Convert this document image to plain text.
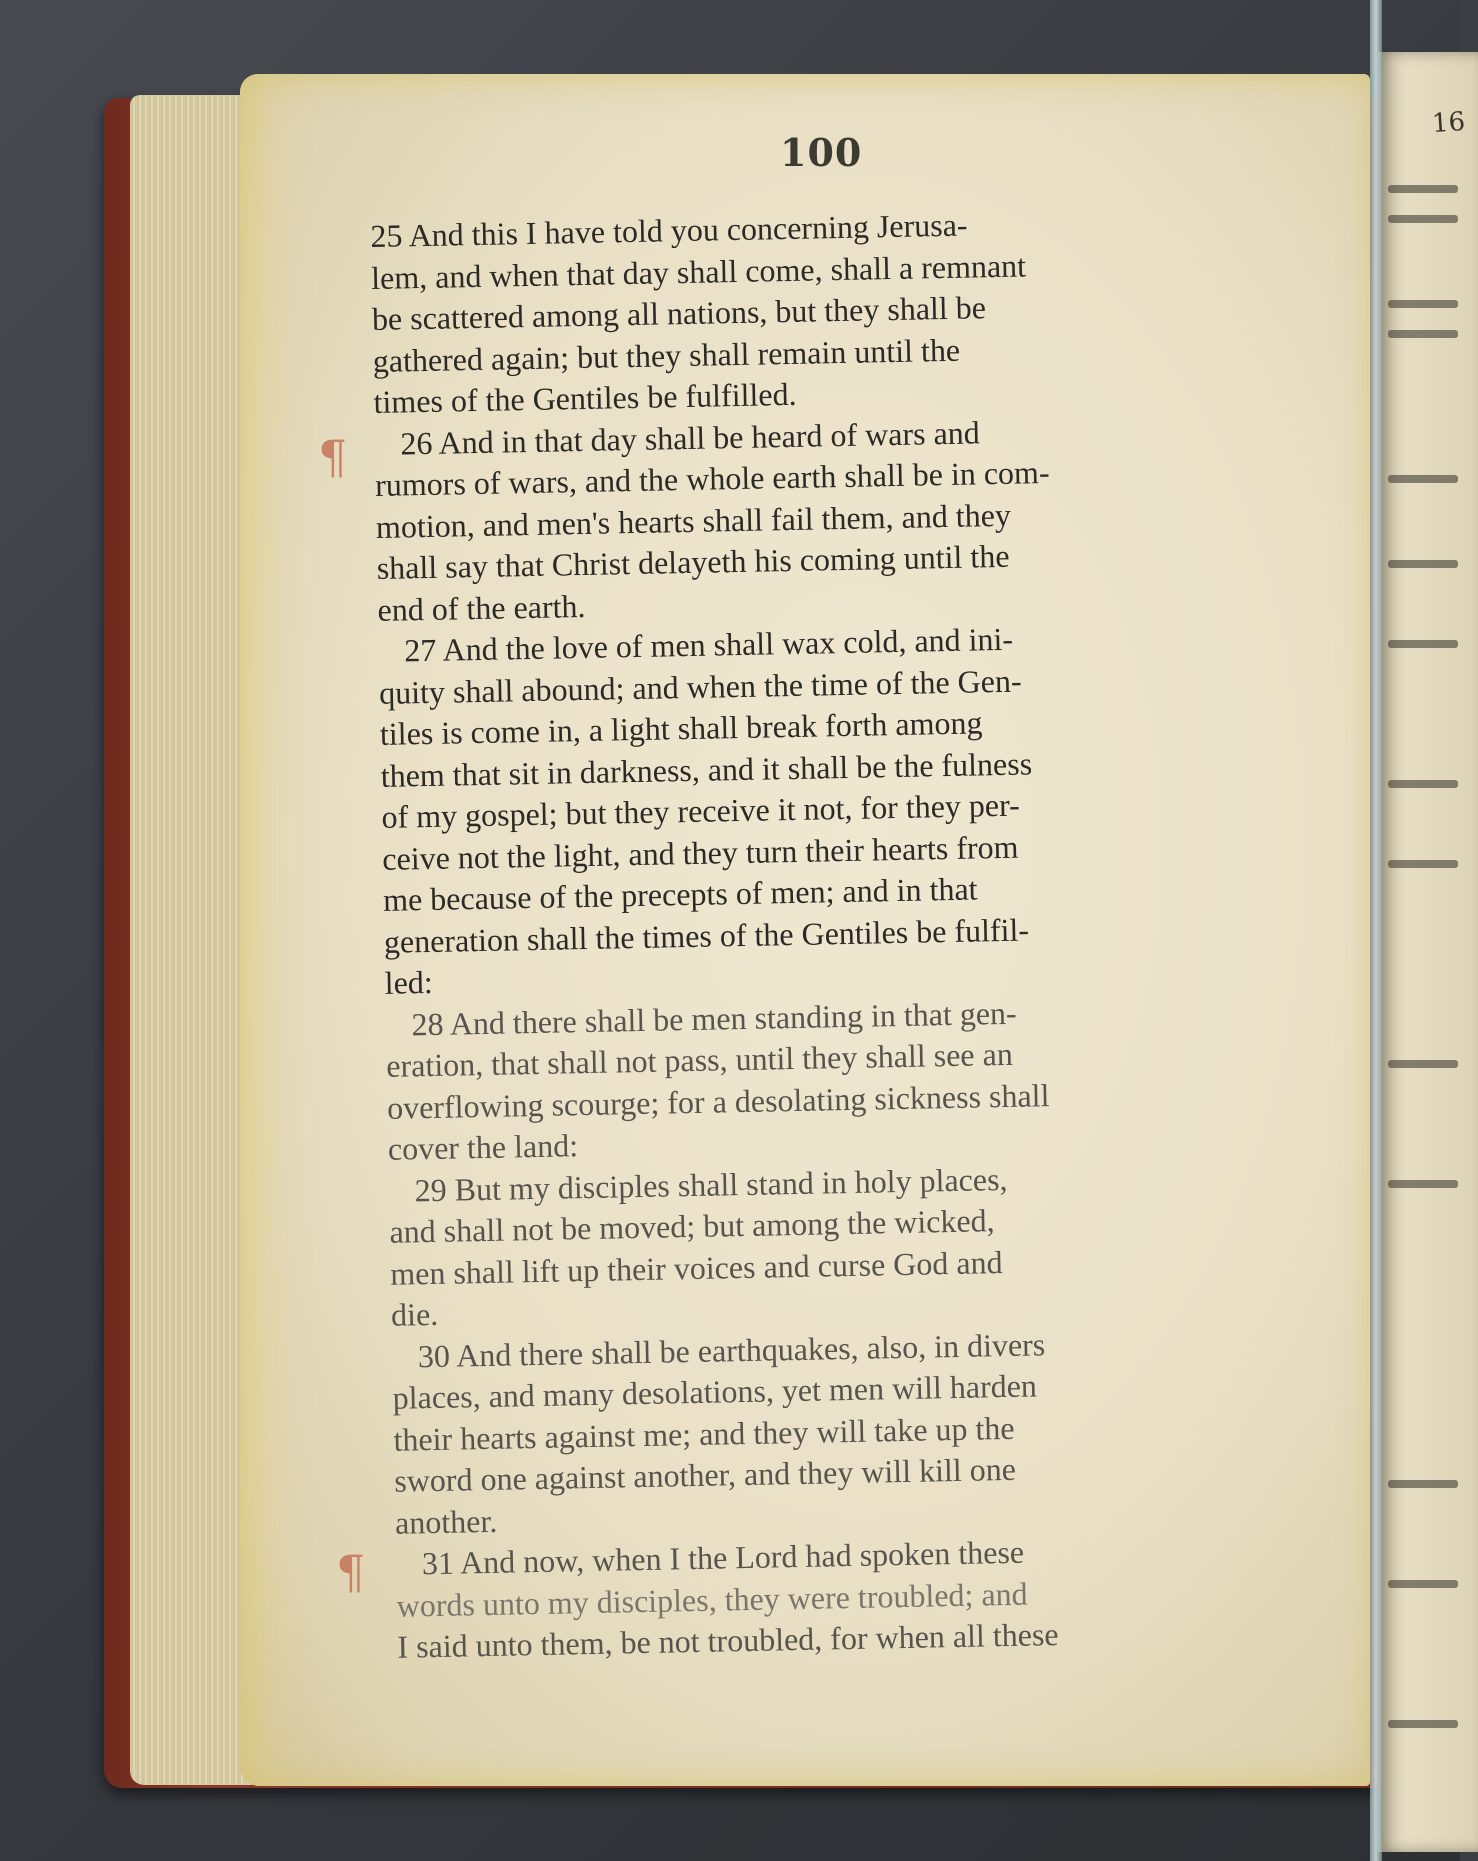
16
100
¶
¶
25 And this I have told you concerning Jerusa-
lem, and when that day shall come, shall a remnant
be scattered among all nations, but they shall be
gathered again; but they shall remain until the
times of the Gentiles be fulfilled.
26 And in that day shall be heard of wars and
rumors of wars, and the whole earth shall be in com-
motion, and men's hearts shall fail them, and they
shall say that Christ delayeth his coming until the
end of the earth.
27 And the love of men shall wax cold, and ini-
quity shall abound; and when the time of the Gen-
tiles is come in, a light shall break forth among
them that sit in darkness, and it shall be the fulness
of my gospel; but they receive it not, for they per-
ceive not the light, and they turn their hearts from
me because of the precepts of men; and in that
generation shall the times of the Gentiles be fulfil-
led:
28 And there shall be men standing in that gen-
eration, that shall not pass, until they shall see an
overflowing scourge; for a desolating sickness shall
cover the land:
29 But my disciples shall stand in holy places,
and shall not be moved; but among the wicked,
men shall lift up their voices and curse God and
die.
30 And there shall be earthquakes, also, in divers
places, and many desolations, yet men will harden
their hearts against me; and they will take up the
sword one against another, and they will kill one
another.
31 And now, when I the Lord had spoken these
words unto my disciples, they were troubled; and
I said unto them, be not troubled, for when all these
